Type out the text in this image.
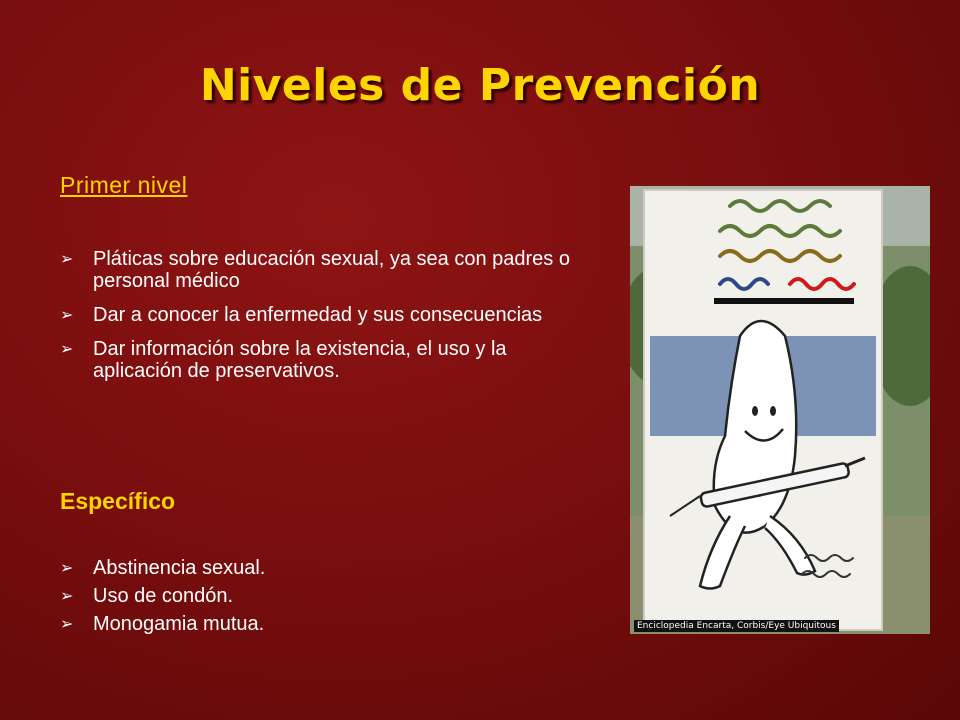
Niveles de Prevención
Primer nivel
➢ Pláticas sobre educación sexual, ya sea con padres o personal médico
➢ Dar a conocer la enfermedad y sus consecuencias
➢ Dar información sobre la existencia, el uso y la aplicación de preservativos.
Específico
➢ Abstinencia sexual.
➢ Uso de condón.
➢ Monogamia mutua.	Enciclopedia Encarta, Corbis/Eye Ubiquitous
